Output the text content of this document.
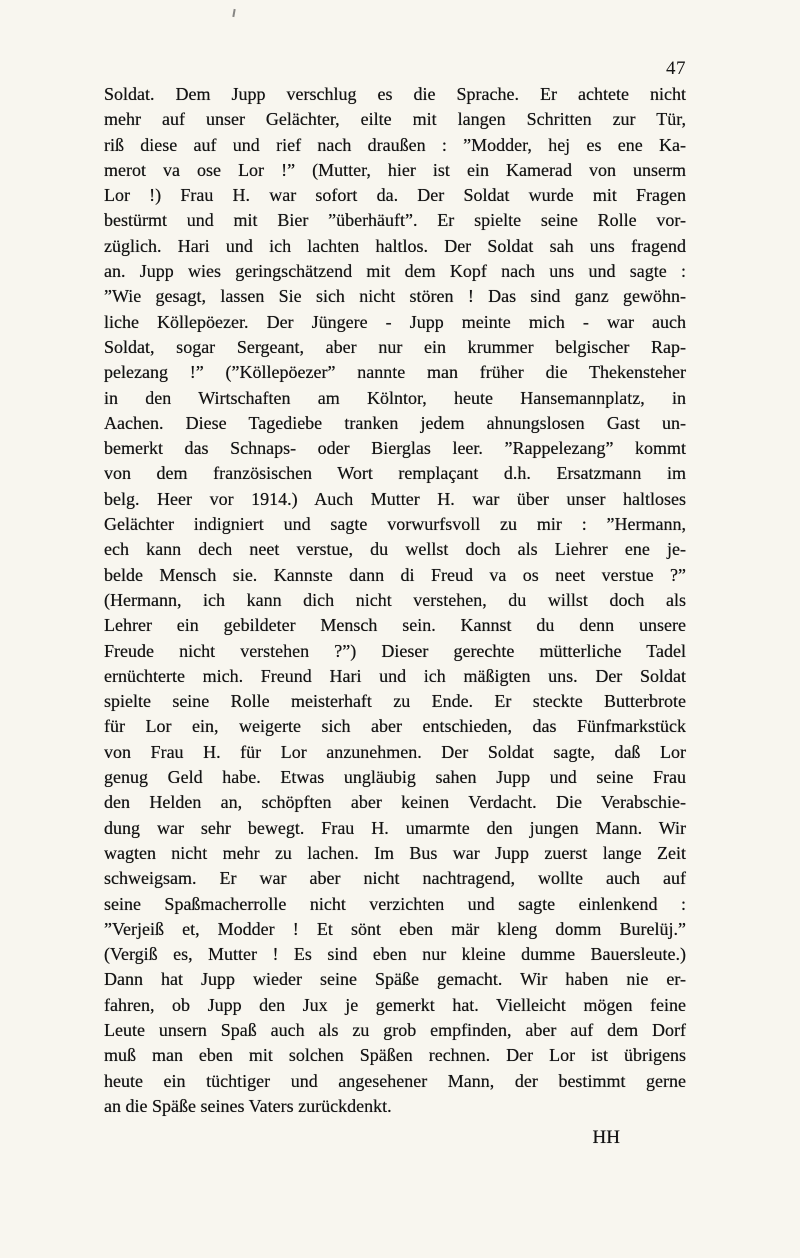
47
Soldat. Dem Jupp verschlug es die Sprache. Er achtete nicht
mehr auf unser Gelächter, eilte mit langen Schritten zur Tür,
riß diese auf und rief nach draußen : ”Modder, hej es ene Ka-
merot va ose Lor !” (Mutter, hier ist ein Kamerad von unserm
Lor !) Frau H. war sofort da. Der Soldat wurde mit Fragen
bestürmt und mit Bier ”überhäuft”. Er spielte seine Rolle vor-
züglich. Hari und ich lachten haltlos. Der Soldat sah uns fragend
an. Jupp wies geringschätzend mit dem Kopf nach uns und sagte :
”Wie gesagt, lassen Sie sich nicht stören ! Das sind ganz gewöhn-
liche Köllepöezer. Der Jüngere - Jupp meinte mich - war auch
Soldat, sogar Sergeant, aber nur ein krummer belgischer Rap-
pelezang !” (”Köllepöezer” nannte man früher die Thekensteher
in den Wirtschaften am Kölntor, heute Hansemannplatz, in
Aachen. Diese Tagediebe tranken jedem ahnungslosen Gast un-
bemerkt das Schnaps- oder Bierglas leer. ”Rappelezang” kommt
von dem französischen Wort remplaçant d.h. Ersatzmann im
belg. Heer vor 1914.) Auch Mutter H. war über unser haltloses
Gelächter indigniert und sagte vorwurfsvoll zu mir : ”Hermann,
ech kann dech neet verstue, du wellst doch als Liehrer ene je-
belde Mensch sie. Kannste dann di Freud va os neet verstue ?”
(Hermann, ich kann dich nicht verstehen, du willst doch als
Lehrer ein gebildeter Mensch sein. Kannst du denn unsere
Freude nicht verstehen ?”) Dieser gerechte mütterliche Tadel
ernüchterte mich. Freund Hari und ich mäßigten uns. Der Soldat
spielte seine Rolle meisterhaft zu Ende. Er steckte Butterbrote
für Lor ein, weigerte sich aber entschieden, das Fünfmarkstück
von Frau H. für Lor anzunehmen. Der Soldat sagte, daß Lor
genug Geld habe. Etwas ungläubig sahen Jupp und seine Frau
den Helden an, schöpften aber keinen Verdacht. Die Verabschie-
dung war sehr bewegt. Frau H. umarmte den jungen Mann. Wir
wagten nicht mehr zu lachen. Im Bus war Jupp zuerst lange Zeit
schweigsam. Er war aber nicht nachtragend, wollte auch auf
seine Spaßmacherrolle nicht verzichten und sagte einlenkend :
”Verjeiß et, Modder ! Et sönt eben mär kleng domm Burelüj.”
(Vergiß es, Mutter ! Es sind eben nur kleine dumme Bauersleute.)
Dann hat Jupp wieder seine Späße gemacht. Wir haben nie er-
fahren, ob Jupp den Jux je gemerkt hat. Vielleicht mögen feine
Leute unsern Spaß auch als zu grob empfinden, aber auf dem Dorf
muß man eben mit solchen Späßen rechnen. Der Lor ist übrigens
heute ein tüchtiger und angesehener Mann, der bestimmt gerne
an die Späße seines Vaters zurückdenkt.
HH
